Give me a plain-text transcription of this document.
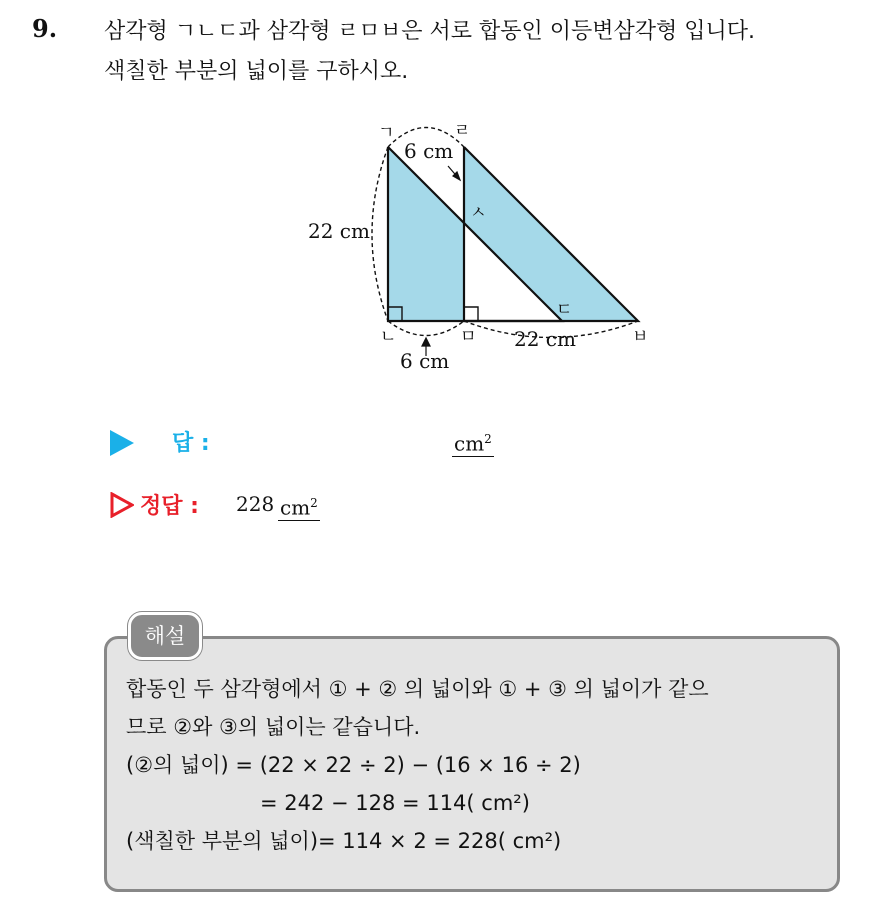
9. 삼각형 ㄱㄴㄷ과 삼각형 ㄹㅁㅂ은 서로 합동인 이등변삼각형 입니다.
색칠한 부분의 넓이를 구하시오.
ㄱ	ㄹ
ㅅ
ㄷ
ㄴ	ㅁ	ㅂ
6 cm
22 cm
22 cm
6 cm
답 :	$cm^2$
정답 : 228 $cm^2$
해설
합동인 두 삼각형에서 ① + ② 의 넓이와 ① + ③ 의 넓이가 같으
므로 ②와 ③의 넓이는 같습니다.
(②의 넓이) = (22 × 22 ÷ 2) − (16 × 16 ÷ 2)
= 242 − 128 = 114( cm²)
(색칠한 부분의 넓이)= 114 × 2 = 228( cm²)
